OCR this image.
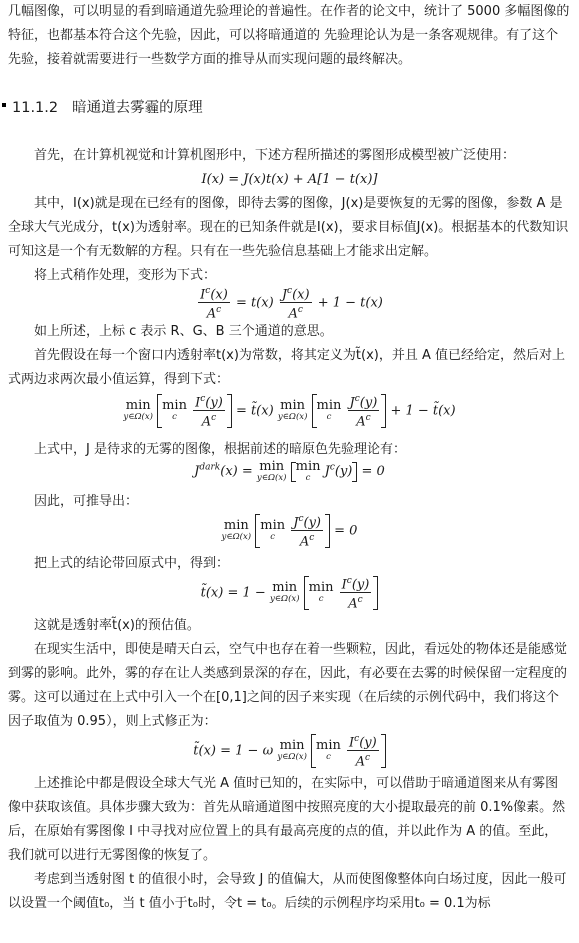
几幅图像，可以明显的看到暗通道先验理论的普遍性。在作者的论文中，统计了 5000 多幅图像的特征，也都基本符合这个先验，因此，可以将暗通道的 先验理论认为是一条客观规律。有了这个先验，接着就需要进行一些数学方面的推导从而实现问题的最终解决。
11.1.2 暗通道去雾霾的原理
首先，在计算机视觉和计算机图形中，下述方程所描述的雾图形成模型被广泛使用：
I(x) = J(x)t(x) + A[1 − t(x)]
其中，I(x)就是现在已经有的图像，即待去雾的图像，J(x)是要恢复的无雾的图像，参数 A 是全球大气光成分，t(x)为透射率。现在的已知条件就是I(x)，要求目标值J(x)。根据基本的代数知识可知这是一个有无数解的方程。只有在一些先验信息基础上才能求出定解。
将上式稍作处理，变形为下式：
$\frac{I^c(x)}{A^c} = t(x) \frac{J^c(x)}{A^c} + 1 - t(x)$
如上所述，上标 c 表示 R、G、B 三个通道的意思。
首先假设在每一个窗口内透射率t(x)为常数，将其定义为t̃(x)，并且 A 值已经给定，然后对上式两边求两次最小值运算，得到下式：
min
y∈Ω(x)

min
c
	$\frac{I^c(y)}{A^c}$ = t̃(x) min
y∈Ω(x)

min
c
	$\frac{J^c(y)}{A^c} + 1$ − t̃(x)
上式中，J 是待求的无雾的图像，根据前述的暗原色先验理论有：
$J^{dark}(x) = \min$
y∈Ω(x)

min
c	$J^c(y) = 0$
因此，可推导出：
min
y∈Ω(x)

min
c
	$\frac{J^c(y)}{A^c} = 0$
把上式的结论带回原式中，得到：
t̃(x) = 1 − min
y∈Ω(x)

min
c
	$\frac{I^c(y)}{A^c}$
这就是透射率t̃(x)的预估值。
在现实生活中，即使是晴天白云，空气中也存在着一些颗粒，因此，看远处的物体还是能感觉到雾的影响。此外，雾的存在让人类感到景深的存在，因此，有必要在去雾的时候保留一定程度的雾。这可以通过在上式中引入一个在[0,1]之间的因子来实现（在后续的示例代码中，我们将这个因子取值为 0.95），则上式修正为：
t̃(x) = 1 − ω min
y∈Ω(x)

min
c
	$\frac{I^c(y)}{A^c}$
上述推论中都是假设全球大气光 A 值时已知的，在实际中，可以借助于暗通道图来从有雾图像中获取该值。具体步骤大致为：首先从暗通道图中按照亮度的大小提取最亮的前 0.1%像素。然后，在原始有雾图像 I 中寻找对应位置上的具有最高亮度的点的值，并以此作为 A 的值。至此，我们就可以进行无雾图像的恢复了。
考虑到当透射图 t 的值很小时，会导致 J 的值偏大，从而使图像整体向白场过度，因此一般可以设置一个阈值t₀，当 t 值小于t₀时，令t = t₀。后续的示例程序均采用t₀ = 0.1为标
